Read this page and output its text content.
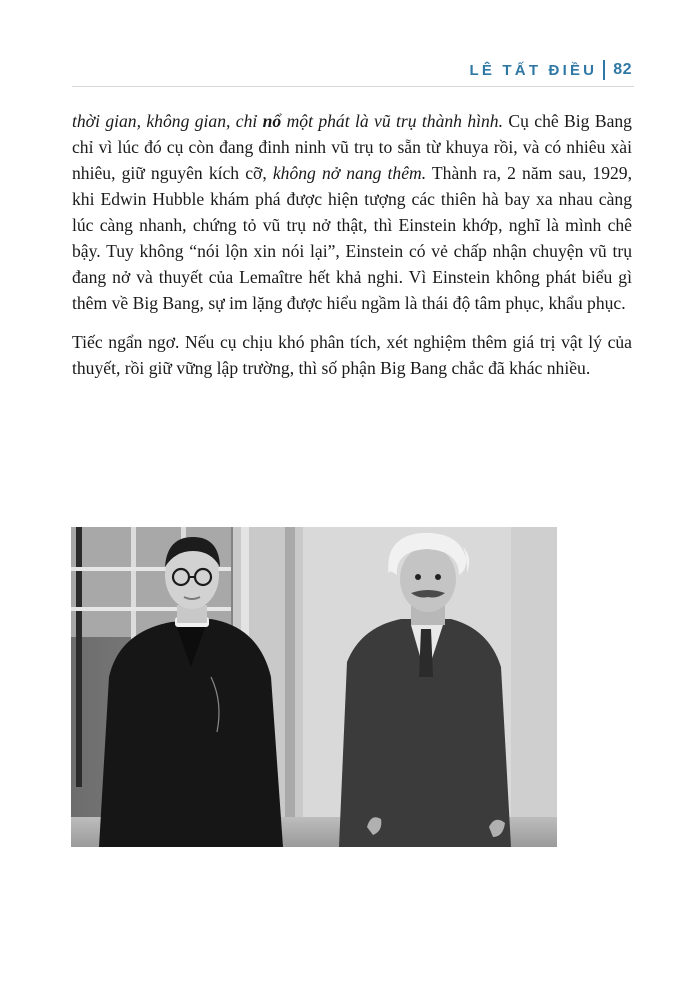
LÊ TẤT ĐIỀU 82

thời gian, không gian, chỉ nổ một phát là vũ trụ thành hình. Cụ chê Big Bang chỉ vì lúc đó cụ còn đang đinh ninh vũ trụ to sẵn từ khuya rồi, và có nhiêu xài nhiêu, giữ nguyên kích cỡ, không nở nang thêm. Thành ra, 2 năm sau, 1929, khi Edwin Hubble khám phá được hiện tượng các thiên hà bay xa nhau càng lúc càng nhanh, chứng tỏ vũ trụ nở thật, thì Einstein khớp, nghĩ là mình chê bậy. Tuy không “nói lộn xin nói lại”, Einstein có vẻ chấp nhận chuyện vũ trụ đang nở và thuyết của Lemaître hết khả nghi. Vì Einstein không phát biểu gì thêm về Big Bang, sự im lặng được hiểu ngầm là thái độ tâm phục, khẩu phục.

Tiếc ngẩn ngơ. Nếu cụ chịu khó phân tích, xét nghiệm thêm giá trị vật lý của thuyết, rồi giữ vững lập trường, thì số phận Big Bang chắc đã khác nhiều.
